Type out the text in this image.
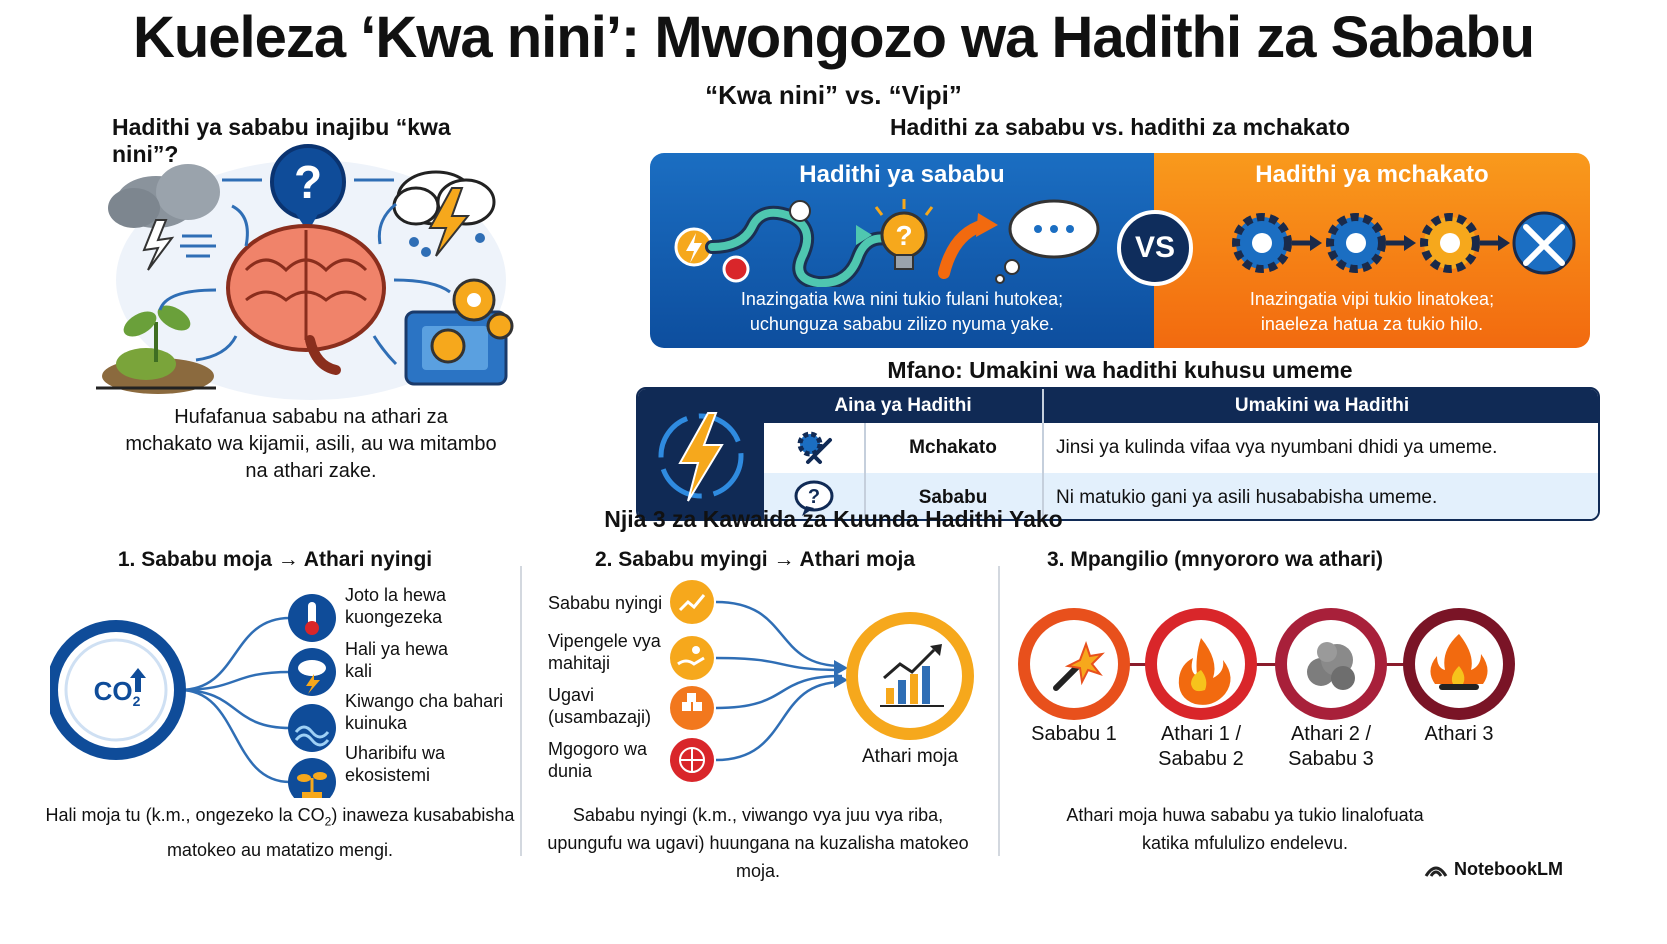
Kueleza ‘Kwa nini’: Mwongozo wa Hadithi za Sababu
“Kwa nini” vs. “Vipi”
Hadithi ya sababu inajibu “kwa nini”?
?
Hufafanua sababu na athari za
mchakato wa kijamii, asili, au wa mitambo
na athari zake.
Hadithi za sababu vs. hadithi za mchakato
Hadithi ya sababu
?
Inazingatia kwa nini tukio fulani hutokea;
uchunguza sababu zilizo nyuma yake.
Hadithi ya mchakato
Inazingatia vipi tukio linatokea;
inaeleza hatua za tukio hilo.
VS
Mfano: Umakini wa hadithi kuhusu umeme
Aina ya Hadithi	Umakini wa Hadithi
Mchakato	Jinsi ya kulinda vifaa vya nyumbani dhidi ya umeme.
?	Sababu	Ni matukio gani ya asili husababisha umeme.
Njia 3 za Kawaida za Kuunda Hadithi Yako
1. Sababu moja → Athari nyingi
$CO_2$
Joto la hewa
kuongezeka
Hali ya hewa
kali
Kiwango cha bahari
kuinuka
Uharibifu wa
ekosistemi
Hali moja tu (k.m., ongezeko la $CO_2$) inaweza kusababisha
matokeo au matatizo mengi.
2. Sababu myingi → Athari moja
Sababu nyingi
Vipengele vya
mahitaji
Ugavi
(usambazaji)
Mgogoro wa
dunia
Athari moja
Sababu nyingi (k.m., viwango vya juu vya riba,
upungufu wa ugavi) huungana na kuzalisha matokeo moja.
3. Mpangilio (mnyororo wa athari)
Sababu 1	Athari 1 /
Sababu 2
Athari 2 /
Sababu 3
Athari 3
Athari moja huwa sababu ya tukio linalofuata
katika mfululizo endelevu.
NotebookLM
